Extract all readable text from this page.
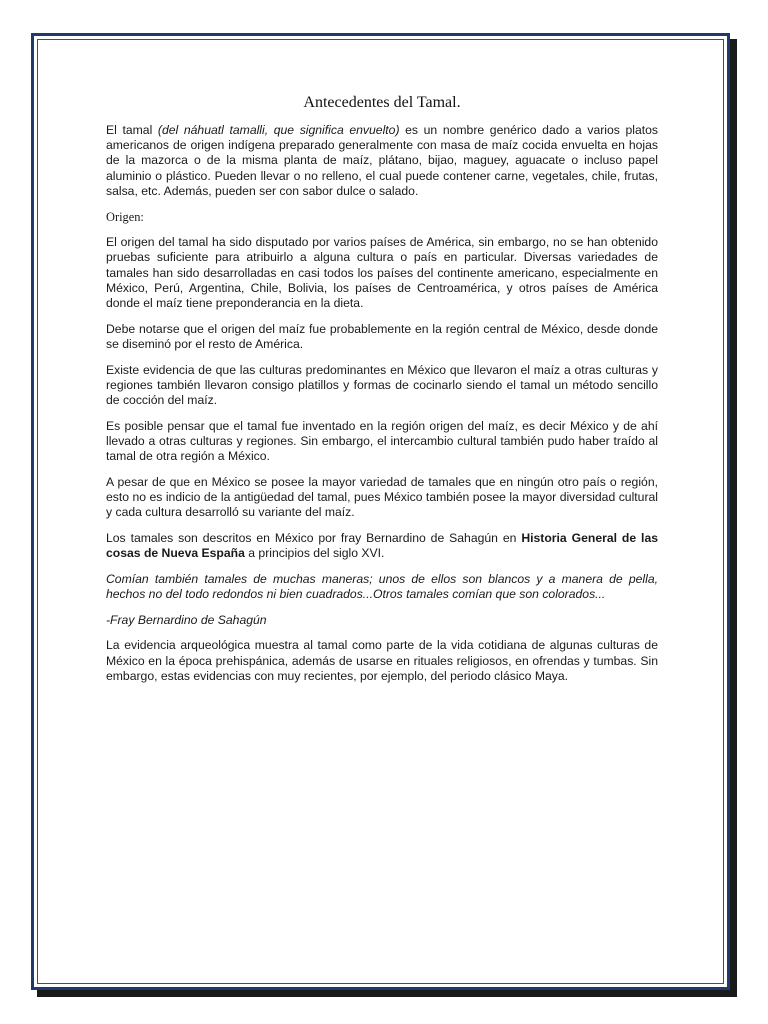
Antecedentes del Tamal.

El tamal (del náhuatl tamalli, que significa envuelto) es un nombre genérico dado a varios platos americanos de origen indígena preparado generalmente con masa de maíz cocida envuelta en hojas de la mazorca o de la misma planta de maíz, plátano, bijao, maguey, aguacate o incluso papel aluminio o plástico. Pueden llevar o no relleno, el cual puede contener carne, vegetales, chile, frutas, salsa, etc. Además, pueden ser con sabor dulce o salado.

Origen:

El origen del tamal ha sido disputado por varios países de América, sin embargo, no se han obtenido pruebas suficiente para atribuirlo a alguna cultura o país en particular. Diversas variedades de tamales han sido desarrolladas en casi todos los países del continente americano, especialmente en México, Perú, Argentina, Chile, Bolivia, los países de Centroamérica, y otros países de América donde el maíz tiene preponderancia en la dieta.

Debe notarse que el origen del maíz fue probablemente en la región central de México, desde donde se diseminó por el resto de América.

Existe evidencia de que las culturas predominantes en México que llevaron el maíz a otras culturas y regiones también llevaron consigo platillos y formas de cocinarlo siendo el tamal un método sencillo de cocción del maíz.

Es posible pensar que el tamal fue inventado en la región origen del maíz, es decir México y de ahí llevado a otras culturas y regiones. Sin embargo, el intercambio cultural también pudo haber traído al tamal de otra región a México.

A pesar de que en México se posee la mayor variedad de tamales que en ningún otro país o región, esto no es indicio de la antigüedad del tamal, pues México también posee la mayor diversidad cultural y cada cultura desarrolló su variante del maíz.

Los tamales son descritos en México por fray Bernardino de Sahagún en Historia General de las cosas de Nueva España a principios del siglo XVI.

Comían también tamales de muchas maneras; unos de ellos son blancos y a manera de pella, hechos no del todo redondos ni bien cuadrados...Otros tamales comían que son colorados...

-Fray Bernardino de Sahagún

La evidencia arqueológica muestra al tamal como parte de la vida cotidiana de algunas culturas de México en la época prehispánica, además de usarse en rituales religiosos, en ofrendas y tumbas. Sin embargo, estas evidencias con muy recientes, por ejemplo, del periodo clásico Maya.
